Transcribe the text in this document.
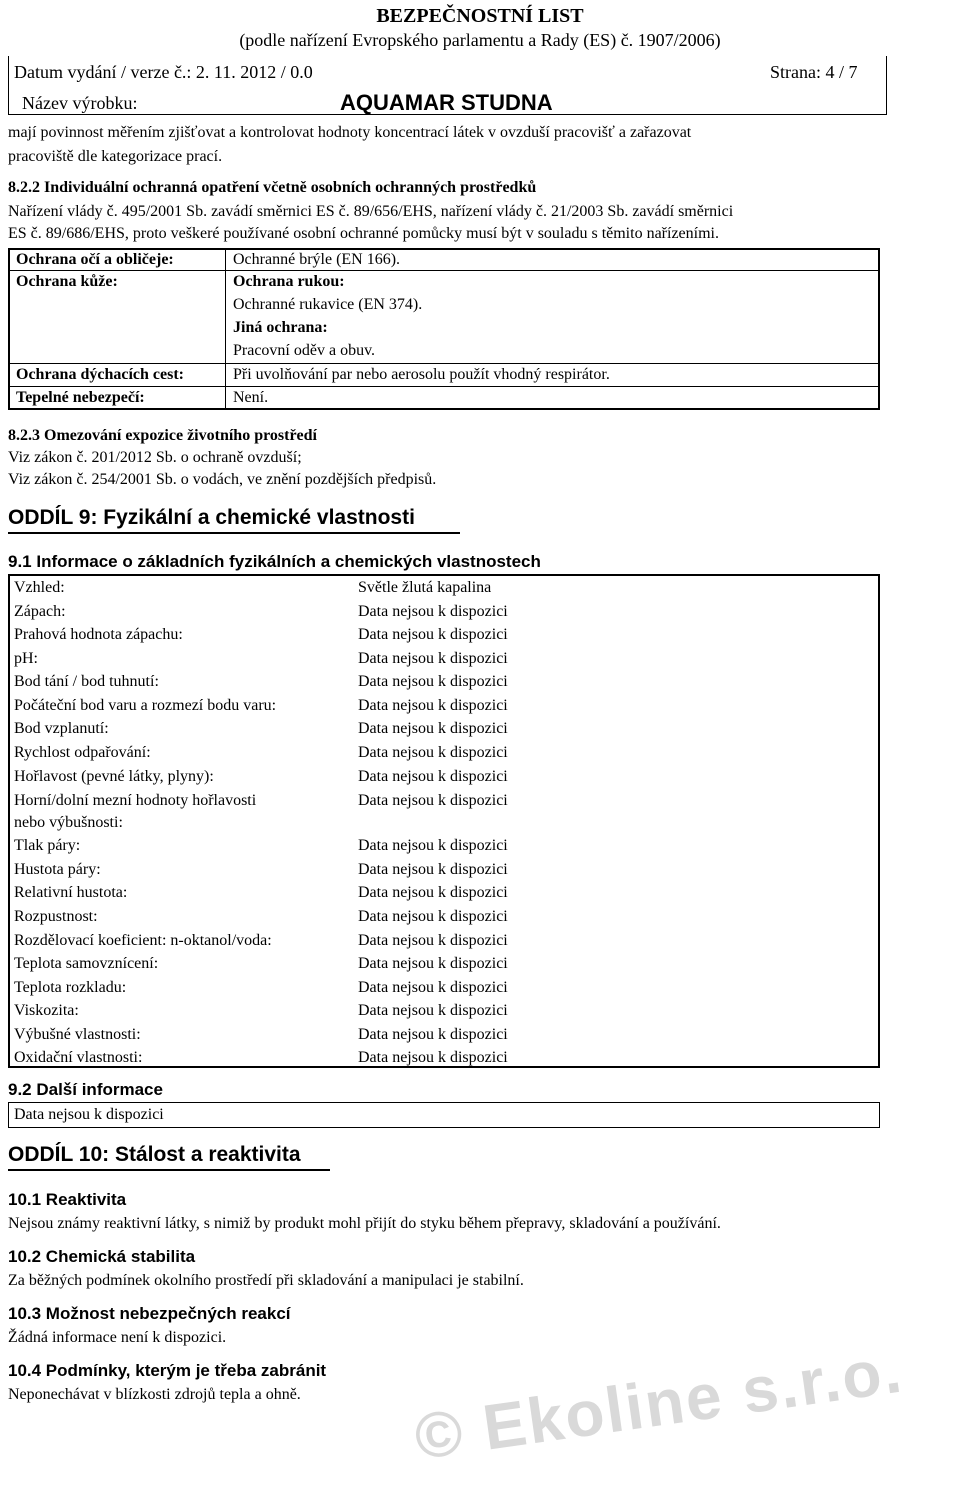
BEZPEČNOSTNÍ LIST
(podle nařízení Evropského parlamentu a Rady (ES) č. 1907/2006)
Datum vydání / verze č.: 2. 11. 2012 / 0.0	Strana: 4 / 7
Název výrobku:	AQUAMAR STUDNA
mají povinnost měřením zjišťovat a kontrolovat hodnoty koncentrací látek v ovzduší pracovišť a zařazovat
pracoviště dle kategorizace prací.
8.2.2 Individuální ochranná opatření včetně osobních ochranných prostředků
Nařízení vlády č. 495/2001 Sb. zavádí směrnici ES č. 89/656/EHS, nařízení vlády č. 21/2003 Sb. zavádí směrnici
ES č. 89/686/EHS, proto veškeré používané osobní ochranné pomůcky musí být v souladu s těmito nařízeními.
Ochrana očí a obličeje:	Ochranné brýle (EN 166).
Ochrana kůže:	Ochrana rukou:
Ochranné rukavice (EN 374).
Jiná ochrana:
Pracovní oděv a obuv.
Ochrana dýchacích cest:	Při uvolňování par nebo aerosolu použít vhodný respirátor.
Tepelné nebezpečí:	Není.
8.2.3 Omezování expozice životního prostředí
Viz zákon č. 201/2012 Sb. o ochraně ovzduší;
Viz zákon č. 254/2001 Sb. o vodách, ve znění pozdějších předpisů.
ODDÍL 9: Fyzikální a chemické vlastnosti
9.1 Informace o základních fyzikálních a chemických vlastnostech
Vzhled:	Světle žlutá kapalina
Zápach:	Data nejsou k dispozici
Prahová hodnota zápachu:	Data nejsou k dispozici
pH:	Data nejsou k dispozici
Bod tání / bod tuhnutí:	Data nejsou k dispozici
Počáteční bod varu a rozmezí bodu varu:	Data nejsou k dispozici
Bod vzplanutí:	Data nejsou k dispozici
Rychlost odpařování:	Data nejsou k dispozici
Hořlavost (pevné látky, plyny):	Data nejsou k dispozici
Horní/dolní mezní hodnoty hořlavosti	Data nejsou k dispozici
nebo výbušnosti:
Tlak páry:	Data nejsou k dispozici
Hustota páry:	Data nejsou k dispozici
Relativní hustota:	Data nejsou k dispozici
Rozpustnost:	Data nejsou k dispozici
Rozdělovací koeficient: n-oktanol/voda:	Data nejsou k dispozici
Teplota samovznícení:	Data nejsou k dispozici
Teplota rozkladu:	Data nejsou k dispozici
Viskozita:	Data nejsou k dispozici
Výbušné vlastnosti:	Data nejsou k dispozici
Oxidační vlastnosti:	Data nejsou k dispozici
9.2 Další informace
Data nejsou k dispozici
ODDÍL 10: Stálost a reaktivita
10.1 Reaktivita
Nejsou známy reaktivní látky, s nimiž by produkt mohl přijít do styku během přepravy, skladování a používání.
10.2 Chemická stabilita
Za běžných podmínek okolního prostředí při skladování a manipulaci je stabilní.
10.3 Možnost nebezpečných reakcí
Žádná informace není k dispozici.
10.4 Podmínky, kterým je třeba zabránit
Neponechávat v blízkosti zdrojů tepla a ohně.	© Ekoline s.r.o.
